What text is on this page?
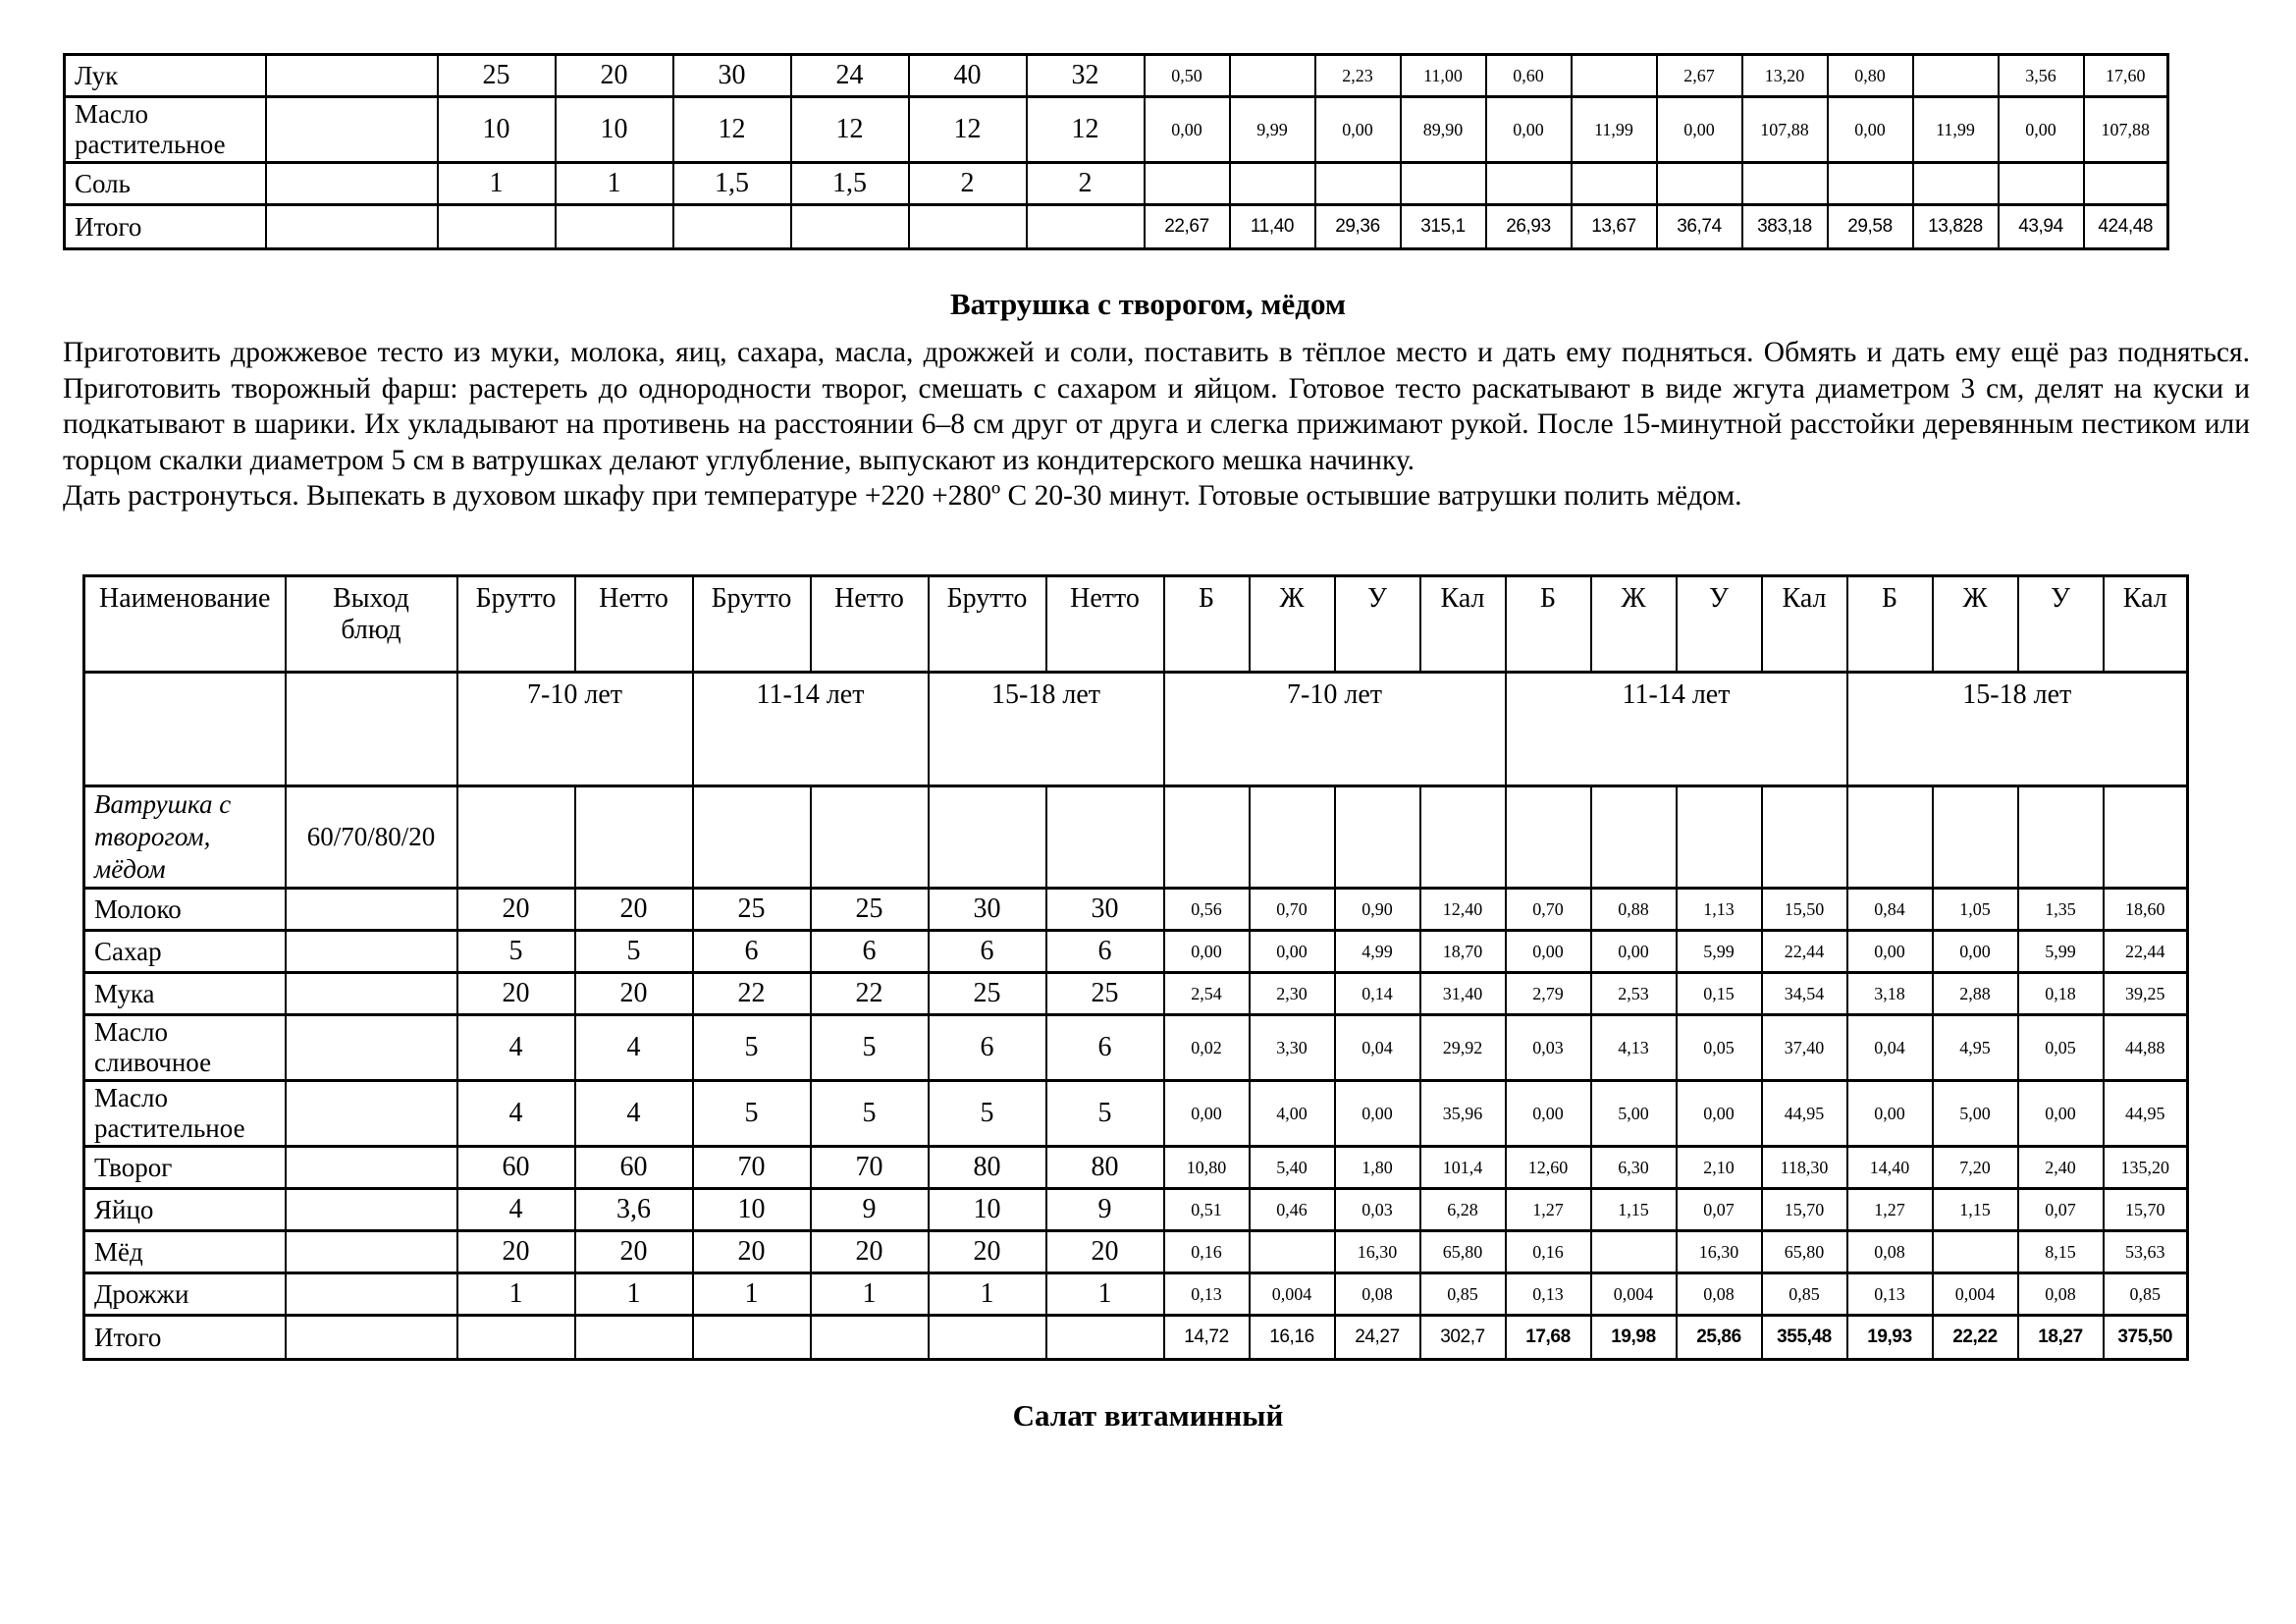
Лук		25	20	30	24	40	32	0,50		2,23	11,00	0,60		2,67	13,20	0,80		3,56	17,60
Масло растительное		10	10	12	12	12	12	0,00	9,99	0,00	89,90	0,00	11,99	0,00	107,88	0,00	11,99	0,00	107,88
Соль		1	1	1,5	1,5	2	2												
Итого								22,67	11,40	29,36	315,1	26,93	13,67	36,74	383,18	29,58	13,828	43,94	424,48
Ватрушка с творогом, мёдом

Приготовить дрожжевое тесто из муки, молока, яиц, сахара, масла, дрожжей и соли, поставить в тёплое место и дать ему подняться. Обмять и дать ему ещё раз подняться. Приготовить творожный фарш: растереть до однородности творог, смешать с сахаром и яйцом. Готовое тесто раскатывают в виде жгута диаметром 3 см, делят на куски и подкатывают в шарики. Их укладывают на противень на расстоянии 6–8 см друг от друга и слегка прижимают рукой. После 15-минутной расстойки деревянным пестиком или торцом скалки диаметром 5 см в ватрушках делают углубление, выпускают из кондитерского мешка начинку.

Дать растронуться. Выпекать в духовом шкафу при температуре +220 +280º С 20-30 минут. Готовые остывшие ватрушки полить мёдом.

Наименование	Выход блюд	Брутто	Нетто	Брутто	Нетто	Брутто	Нетто	Б	Ж	У	Кал	Б	Ж	У	Кал	Б	Ж	У	Кал
		7-10 лет		11-14 лет		15-18 лет		7-10 лет				11-14 лет				15-18 лет			
Ватрушка с творогом, мёдом	60/70/80/20																		
Молоко		20	20	25	25	30	30	0,56	0,70	0,90	12,40	0,70	0,88	1,13	15,50	0,84	1,05	1,35	18,60
Сахар		5	5	6	6	6	6	0,00	0,00	4,99	18,70	0,00	0,00	5,99	22,44	0,00	0,00	5,99	22,44
Мука		20	20	22	22	25	25	2,54	2,30	0,14	31,40	2,79	2,53	0,15	34,54	3,18	2,88	0,18	39,25
Масло сливочное		4	4	5	5	6	6	0,02	3,30	0,04	29,92	0,03	4,13	0,05	37,40	0,04	4,95	0,05	44,88
Масло растительное		4	4	5	5	5	5	0,00	4,00	0,00	35,96	0,00	5,00	0,00	44,95	0,00	5,00	0,00	44,95
Творог		60	60	70	70	80	80	10,80	5,40	1,80	101,4	12,60	6,30	2,10	118,30	14,40	7,20	2,40	135,20
Яйцо		4	3,6	10	9	10	9	0,51	0,46	0,03	6,28	1,27	1,15	0,07	15,70	1,27	1,15	0,07	15,70
Мёд		20	20	20	20	20	20	0,16		16,30	65,80	0,16		16,30	65,80	0,08		8,15	53,63
Дрожжи		1	1	1	1	1	1	0,13	0,004	0,08	0,85	0,13	0,004	0,08	0,85	0,13	0,004	0,08	0,85
Итого								14,72	16,16	24,27	302,7	17,68	19,98	25,86	355,48	19,93	22,22	18,27	375,50
Салат витаминный
